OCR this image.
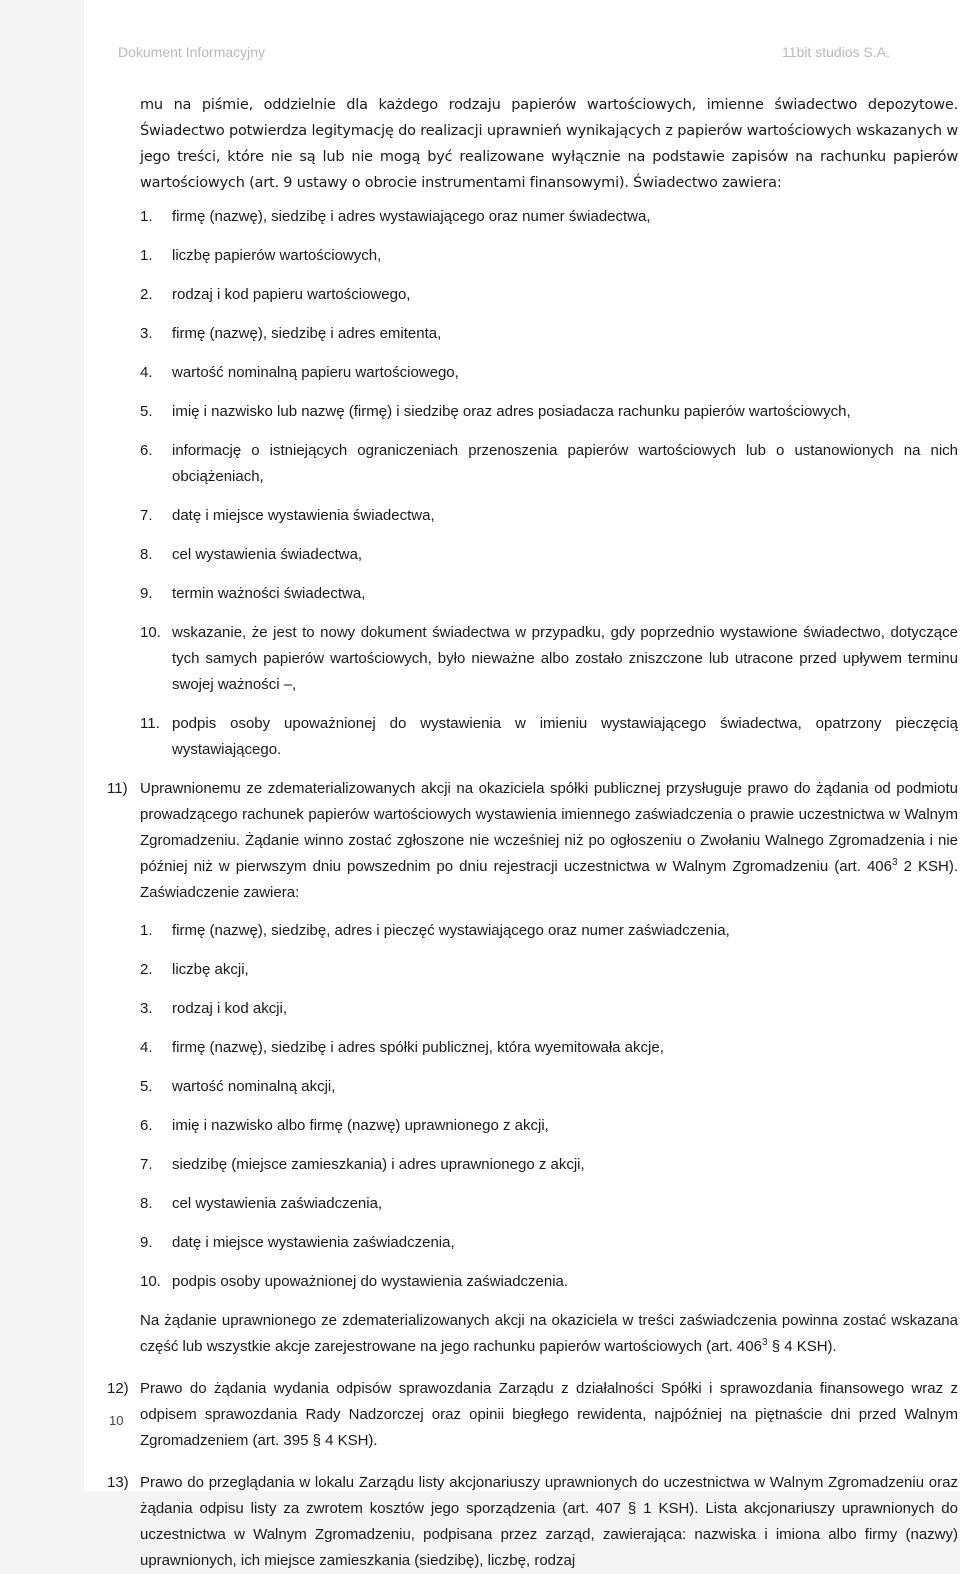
Dokument Informacyjny	11bit studios S.A.

mu na piśmie, oddzielnie dla każdego rodzaju papierów wartościowych, imienne świadectwo depozytowe. Świadectwo potwierdza legitymację do realizacji uprawnień wynikających z papierów wartościowych wskazanych w jego treści, które nie są lub nie mogą być realizowane wyłącznie na podstawie zapisów na rachunku papierów wartościowych (art. 9 ustawy o obrocie instrumentami finansowymi). Świadectwo zawiera:

1.	firmę (nazwę), siedzibę i adres wystawiającego oraz numer świadectwa,
1.	liczbę papierów wartościowych,
2.	rodzaj i kod papieru wartościowego,
3.	firmę (nazwę), siedzibę i adres emitenta,
4.	wartość nominalną papieru wartościowego,
5.	imię i nazwisko lub nazwę (firmę) i siedzibę oraz adres posiadacza rachunku papierów wartościowych,
6.	informację o istniejących ograniczeniach przenoszenia papierów wartościowych lub o ustanowionych na nich obciążeniach,
7.	datę i miejsce wystawienia świadectwa,
8.	cel wystawienia świadectwa,
9.	termin ważności świadectwa,
10. wskazanie, że jest to nowy dokument świadectwa w przypadku, gdy poprzednio wystawione świadectwo, dotyczące tych samych papierów wartościowych, było nieważne albo zostało zniszczone lub utracone przed upływem terminu swojej ważności –,
11. podpis osoby upoważnionej do wystawienia w imieniu wystawiającego świadectwa, opatrzony pieczęcią wystawiającego.
11) Uprawnionemu ze zdematerializowanych akcji na okaziciela spółki publicznej przysługuje prawo do żądania od podmiotu prowadzącego rachunek papierów wartościowych wystawienia imiennego zaświadczenia o prawie uczestnictwa w Walnym Zgromadzeniu. Żądanie winno zostać zgłoszone nie wcześniej niż po ogłoszeniu o Zwołaniu Walnego Zgromadzenia i nie później niż w pierwszym dniu powszednim po dniu rejestracji uczestnictwa w Walnym Zgromadzeniu (art. $406^3$ 2 KSH). Zaświadczenie zawiera:

1.	firmę (nazwę), siedzibę, adres i pieczęć wystawiającego oraz numer zaświadczenia,
2.	liczbę akcji,
3.	rodzaj i kod akcji,
4.	firmę (nazwę), siedzibę i adres spółki publicznej, która wyemitowała akcje,
5.	wartość nominalną akcji,
6.	imię i nazwisko albo firmę (nazwę) uprawnionego z akcji,
7.	siedzibę (miejsce zamieszkania) i adres uprawnionego z akcji,
8.	cel wystawienia zaświadczenia,
9.	datę i miejsce wystawienia zaświadczenia,
10. podpis osoby upoważnionej do wystawienia zaświadczenia.

Na żądanie uprawnionego ze zdematerializowanych akcji na okaziciela w treści zaświadczenia powinna zostać wskazana część lub wszystkie akcje zarejestrowane na jego rachunku papierów wartościowych (art. $406^3$ § 4 KSH).

12) Prawo do żądania wydania odpisów sprawozdania Zarządu z działalności Spółki i sprawozdania finansowego wraz z odpisem sprawozdania Rady Nadzorczej oraz opinii biegłego rewidenta, najpóźniej na piętnaście dni przed Walnym Zgromadzeniem (art. 395 § 4 KSH).

13) Prawo do przeglądania w lokalu Zarządu listy akcjonariuszy uprawnionych do uczestnictwa w Walnym Zgromadzeniu oraz żądania odpisu listy za zwrotem kosztów jego sporządzenia (art. 407 § 1 KSH). Lista akcjonariuszy uprawnionych do uczestnictwa w Walnym Zgromadzeniu, podpisana przez zarząd, zawierająca: nazwiska i imiona albo firmy (nazwy) uprawnionych, ich miejsce zamieszkania (siedzibę), liczbę, rodzaj

10
